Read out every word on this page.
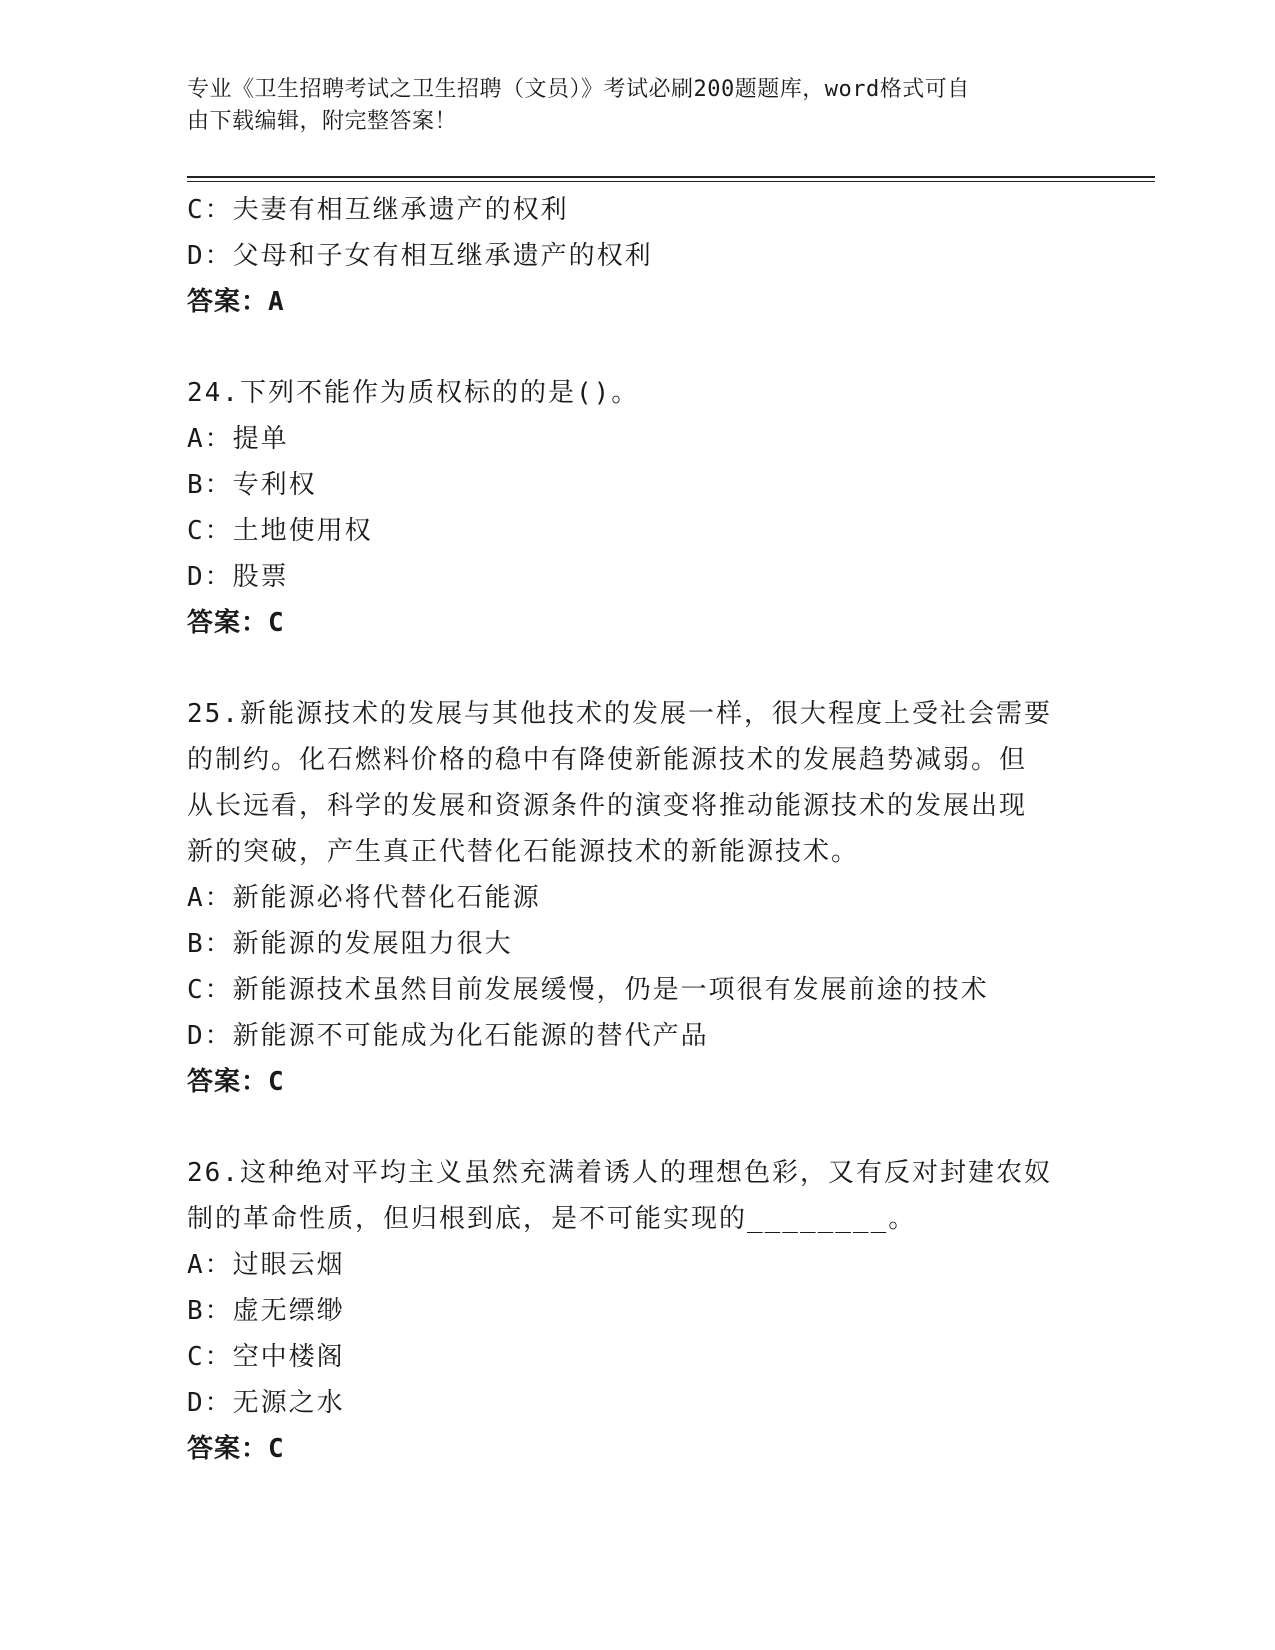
专业《卫生招聘考试之卫生招聘（文员）》考试必刷200题题库，word格式可自
由下载编辑，附完整答案！
C：夫妻有相互继承遗产的权利
D：父母和子女有相互继承遗产的权利
答案：A
24.下列不能作为质权标的的是()。
A：提单
B：专利权
C：土地使用权
D：股票
答案：C
25.新能源技术的发展与其他技术的发展一样，很大程度上受社会需要
的制约。化石燃料价格的稳中有降使新能源技术的发展趋势减弱。但
从长远看，科学的发展和资源条件的演变将推动能源技术的发展出现
新的突破，产生真正代替化石能源技术的新能源技术。
A：新能源必将代替化石能源
B：新能源的发展阻力很大
C：新能源技术虽然目前发展缓慢，仍是一项很有发展前途的技术
D：新能源不可能成为化石能源的替代产品
答案：C
26.这种绝对平均主义虽然充满着诱人的理想色彩，又有反对封建农奴
制的革命性质，但归根到底，是不可能实现的________。
A：过眼云烟
B：虚无缥缈
C：空中楼阁
D：无源之水
答案：C
